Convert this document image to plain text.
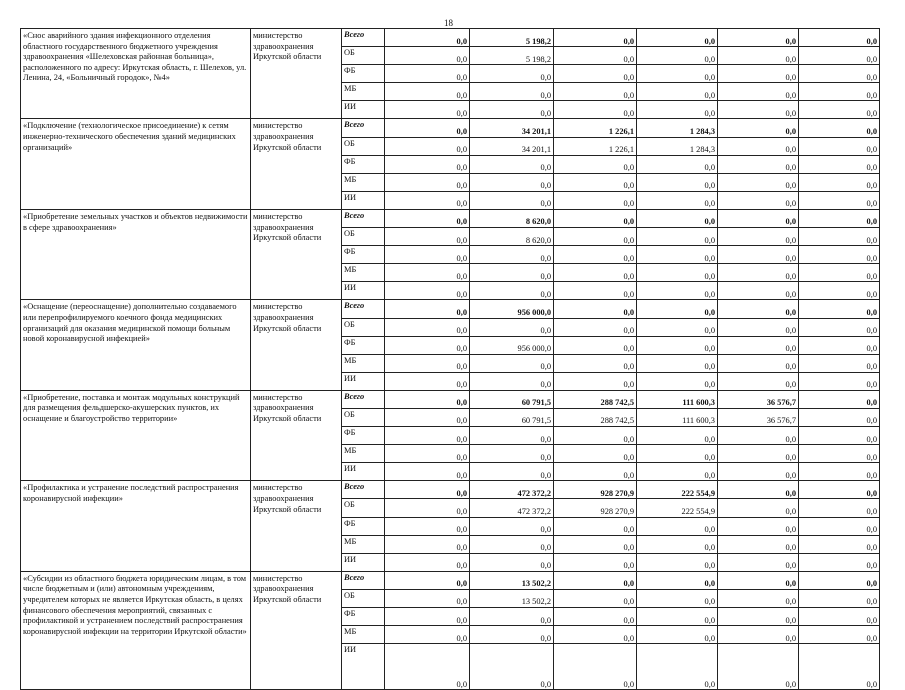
18
«Снос аварийного здания инфекционного отделения областного государственного бюджетного учреждения здравоохранения «Шелеховская районная больница», расположенного по адресу: Иркутская область, г. Шелехов, ул. Ленина, 24, «Больничный городок», №4»	министерство здравоохранения Иркутской области	Всего	0,0	5 198,2	0,0	0,0	0,0	0,0
		ОБ	0,0	5 198,2	0,0	0,0	0,0	0,0
		ФБ	0,0	0,0	0,0	0,0	0,0	0,0
		МБ	0,0	0,0	0,0	0,0	0,0	0,0
		ИИ	0,0	0,0	0,0	0,0	0,0	0,0
«Подключение (технологическое присоединение) к сетям инженерно-технического обеспечения зданий медицинских организаций»	министерство здравоохранения Иркутской области	Всего	0,0	34 201,1	1 226,1	1 284,3	0,0	0,0
		ОБ	0,0	34 201,1	1 226,1	1 284,3	0,0	0,0
		ФБ	0,0	0,0	0,0	0,0	0,0	0,0
		МБ	0,0	0,0	0,0	0,0	0,0	0,0
		ИИ	0,0	0,0	0,0	0,0	0,0	0,0
«Приобретение земельных участков и объектов недвижимости в сфере здравоохранения»	министерство здравоохранения Иркутской области	Всего	0,0	8 620,0	0,0	0,0	0,0	0,0
		ОБ	0,0	8 620,0	0,0	0,0	0,0	0,0
		ФБ	0,0	0,0	0,0	0,0	0,0	0,0
		МБ	0,0	0,0	0,0	0,0	0,0	0,0
		ИИ	0,0	0,0	0,0	0,0	0,0	0,0
«Оснащение (переоснащение) дополнительно создаваемого или перепрофилируемого коечного фонда медицинских организаций для оказания медицинской помощи больным новой коронавирусной инфекцией»	министерство здравоохранения Иркутской области	Всего	0,0	956 000,0	0,0	0,0	0,0	0,0
		ОБ	0,0	0,0	0,0	0,0	0,0	0,0
		ФБ	0,0	956 000,0	0,0	0,0	0,0	0,0
		МБ	0,0	0,0	0,0	0,0	0,0	0,0
		ИИ	0,0	0,0	0,0	0,0	0,0	0,0
«Приобретение, поставка и монтаж модульных конструкций для размещения фельдшерско-акушерских пунктов, их оснащение и благоустройство территории»	министерство здравоохранения Иркутской области	Всего	0,0	60 791,5	288 742,5	111 600,3	36 576,7	0,0
		ОБ	0,0	60 791,5	288 742,5	111 600,3	36 576,7	0,0
		ФБ	0,0	0,0	0,0	0,0	0,0	0,0
		МБ	0,0	0,0	0,0	0,0	0,0	0,0
		ИИ	0,0	0,0	0,0	0,0	0,0	0,0
«Профилактика и устранение последствий распространения коронавирусной инфекции»	министерство здравоохранения Иркутской области	Всего	0,0	472 372,2	928 270,9	222 554,9	0,0	0,0
		ОБ	0,0	472 372,2	928 270,9	222 554,9	0,0	0,0
		ФБ	0,0	0,0	0,0	0,0	0,0	0,0
		МБ	0,0	0,0	0,0	0,0	0,0	0,0
		ИИ	0,0	0,0	0,0	0,0	0,0	0,0
«Субсидии из областного бюджета юридическим лицам, в том числе бюджетным и (или) автономным учреждениям, учредителем которых не является Иркутская область, в целях финансового обеспечения мероприятий, связанных с профилактикой и устранением последствий распространения коронавирусной инфекции на территории Иркутской области»	министерство здравоохранения Иркутской области	Всего	0,0	13 502,2	0,0	0,0	0,0	0,0
		ОБ	0,0	13 502,2	0,0	0,0	0,0	0,0
		ФБ	0,0	0,0	0,0	0,0	0,0	0,0
		МБ	0,0	0,0	0,0	0,0	0,0	0,0
		ИИ	0,0	0,0	0,0	0,0	0,0	0,0
